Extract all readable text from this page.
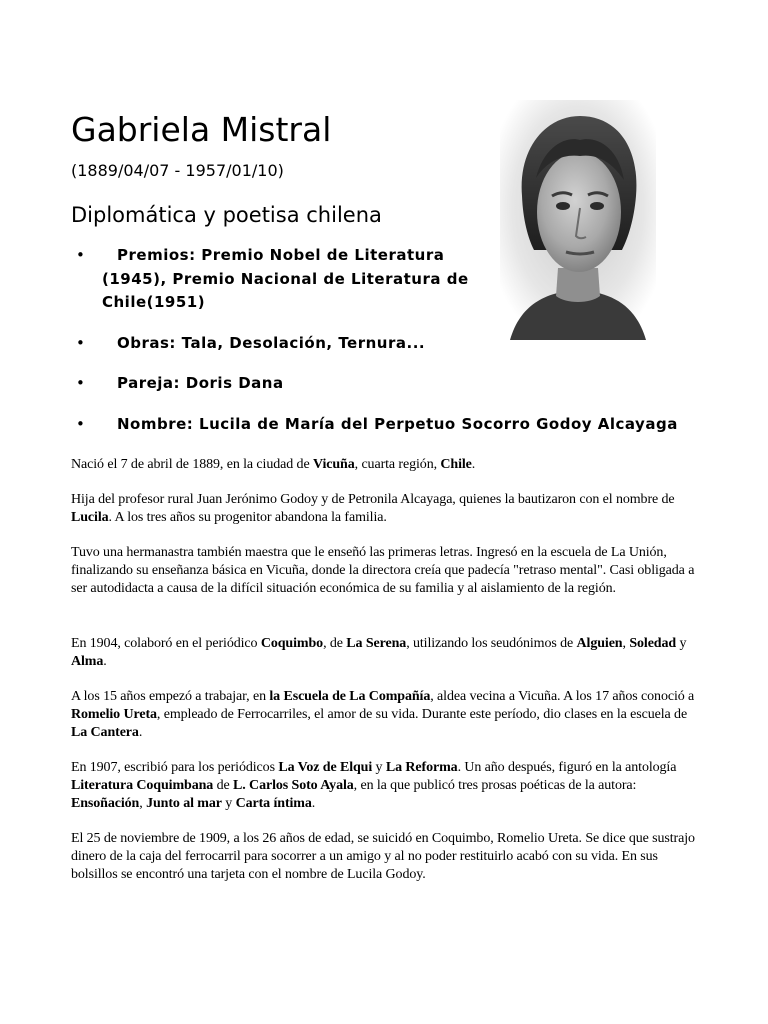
Gabriela Mistral
(1889/04/07 - 1957/01/10)
Diplomática y poetisa chilena
•	Premios: Premio Nobel de Literatura (1945), Premio Nacional de Literatura de Chile(1951)
•	Obras: Tala, Desolación, Ternura...
•	Pareja: Doris Dana
•	Nombre: Lucila de María del Perpetuo Socorro Godoy Alcayaga

Nació el 7 de abril de 1889, en la ciudad de Vicuña, cuarta región, Chile.

Hija del profesor rural Juan Jerónimo Godoy y de Petronila Alcayaga, quienes la bautizaron con el nombre de Lucila. A los tres años su progenitor abandona la familia.

Tuvo una hermanastra también maestra que le enseñó las primeras letras. Ingresó en la escuela de La Unión, finalizando su enseñanza básica en Vicuña, donde la directora creía que padecía "retraso mental". Casi obligada a ser autodidacta a causa de la difícil situación económica de su familia y al aislamiento de la región.

En 1904, colaboró en el periódico Coquimbo, de La Serena, utilizando los seudónimos de Alguien, Soledad y Alma.

A los 15 años empezó a trabajar, en la Escuela de La Compañía, aldea vecina a Vicuña. A los 17 años conoció a Romelio Ureta, empleado de Ferrocarriles, el amor de su vida. Durante este período, dio clases en la escuela de La Cantera.

En 1907, escribió para los periódicos La Voz de Elqui y La Reforma. Un año después, figuró en la antología Literatura Coquimbana de L. Carlos Soto Ayala, en la que publicó tres prosas poéticas de la autora: Ensoñación, Junto al mar y Carta íntima.

El 25 de noviembre de 1909, a los 26 años de edad, se suicidó en Coquimbo, Romelio Ureta. Se dice que sustrajo dinero de la caja del ferrocarril para socorrer a un amigo y al no poder restituirlo acabó con su vida. En sus bolsillos se encontró una tarjeta con el nombre de Lucila Godoy.
